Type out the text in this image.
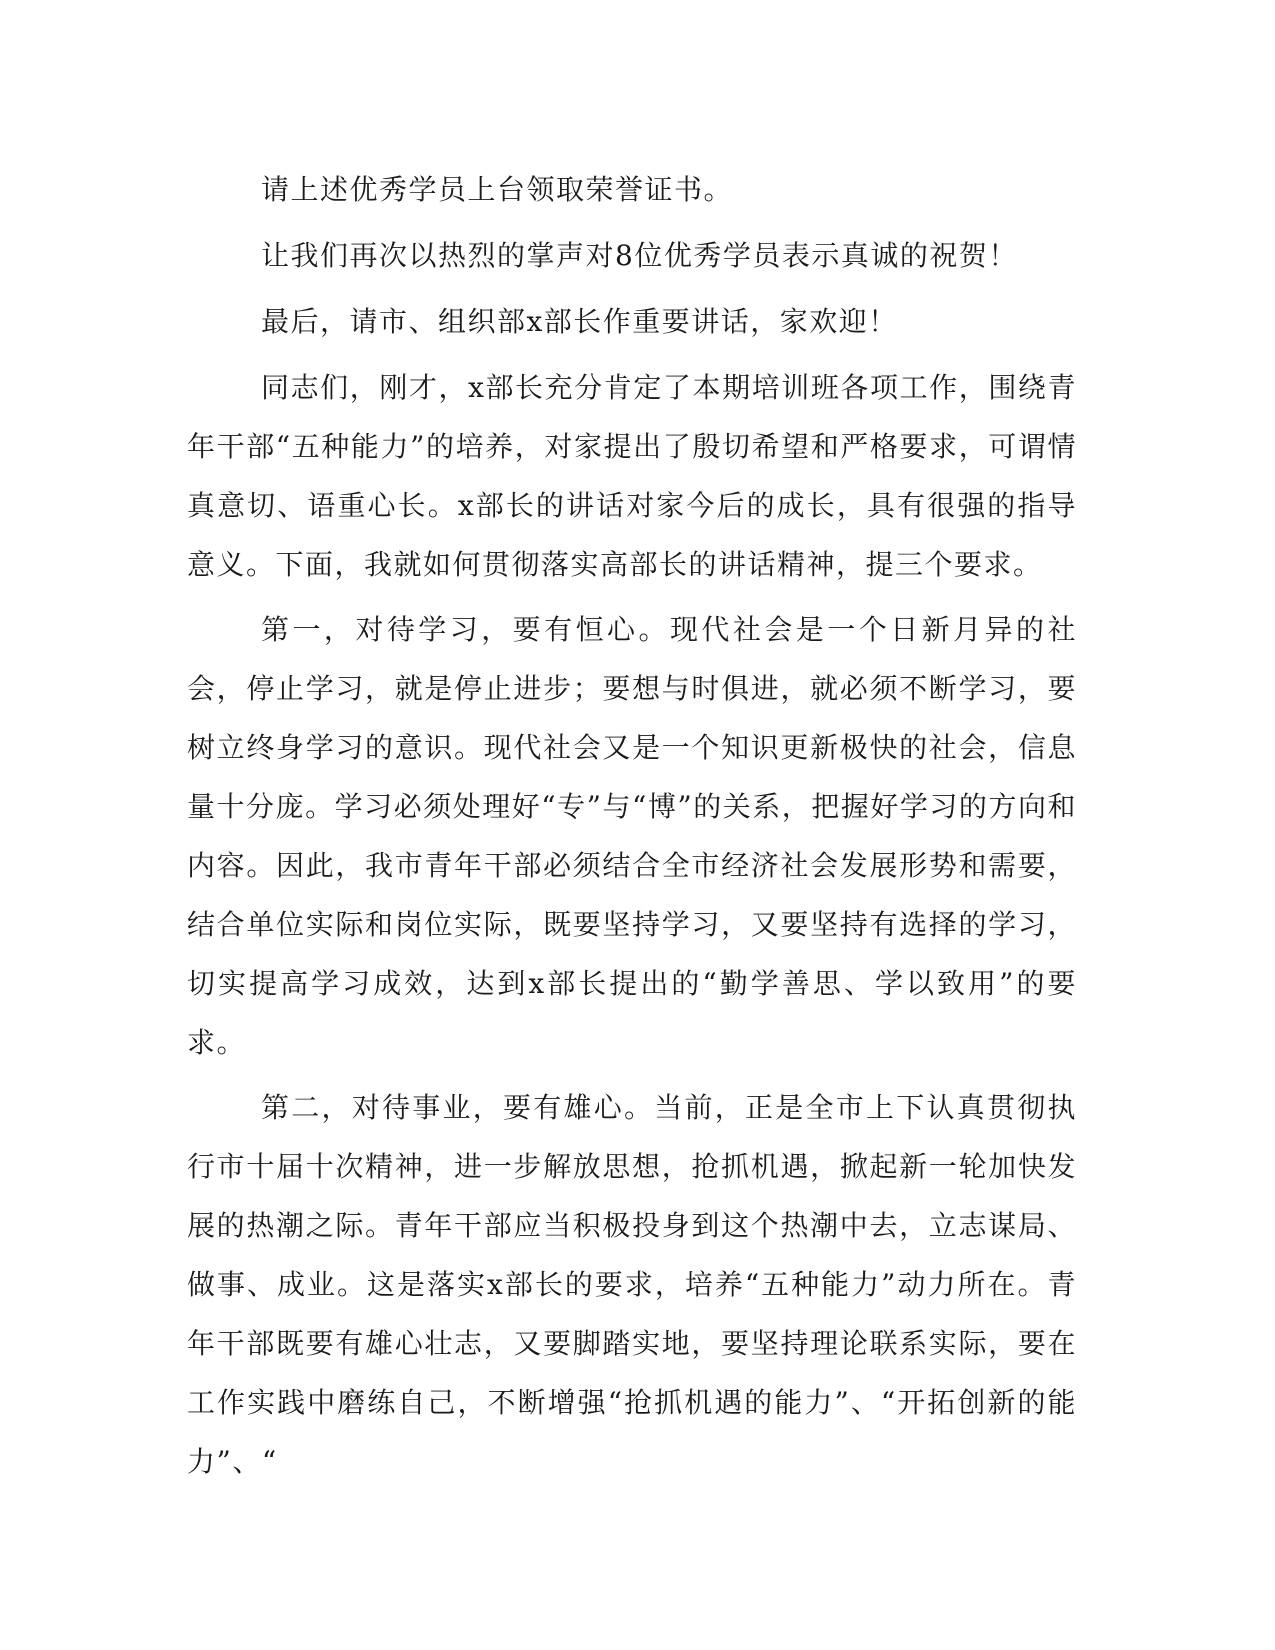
请上述优秀学员上台领取荣誉证书。

让我们再次以热烈的掌声对8位优秀学员表示真诚的祝贺！

最后，请市、组织部x部长作重要讲话，家欢迎！

同志们，刚才，x部长充分肯定了本期培训班各项工作，围绕青年干部“五种能力”的培养，对家提出了殷切希望和严格要求，可谓情真意切、语重心长。x部长的讲话对家今后的成长，具有很强的指导意义。下面，我就如何贯彻落实高部长的讲话精神，提三个要求。

第一，对待学习，要有恒心。现代社会是一个日新月异的社会，停止学习，就是停止进步；要想与时俱进，就必须不断学习，要树立终身学习的意识。现代社会又是一个知识更新极快的社会，信息量十分庞。学习必须处理好“专”与“博”的关系，把握好学习的方向和内容。因此，我市青年干部必须结合全市经济社会发展形势和需要，结合单位实际和岗位实际，既要坚持学习，又要坚持有选择的学习，切实提高学习成效，达到x部长提出的“勤学善思、学以致用”的要求。

第二，对待事业，要有雄心。当前，正是全市上下认真贯彻执行市十届十次精神，进一步解放思想，抢抓机遇，掀起新一轮加快发展的热潮之际。青年干部应当积极投身到这个热潮中去，立志谋局、做事、成业。这是落实x部长的要求，培养“五种能力”动力所在。青年干部既要有雄心壮志，又要脚踏实地，要坚持理论联系实际，要在工作实践中磨练自己，不断增强“抢抓机遇的能力”、“开拓创新的能力”、“
